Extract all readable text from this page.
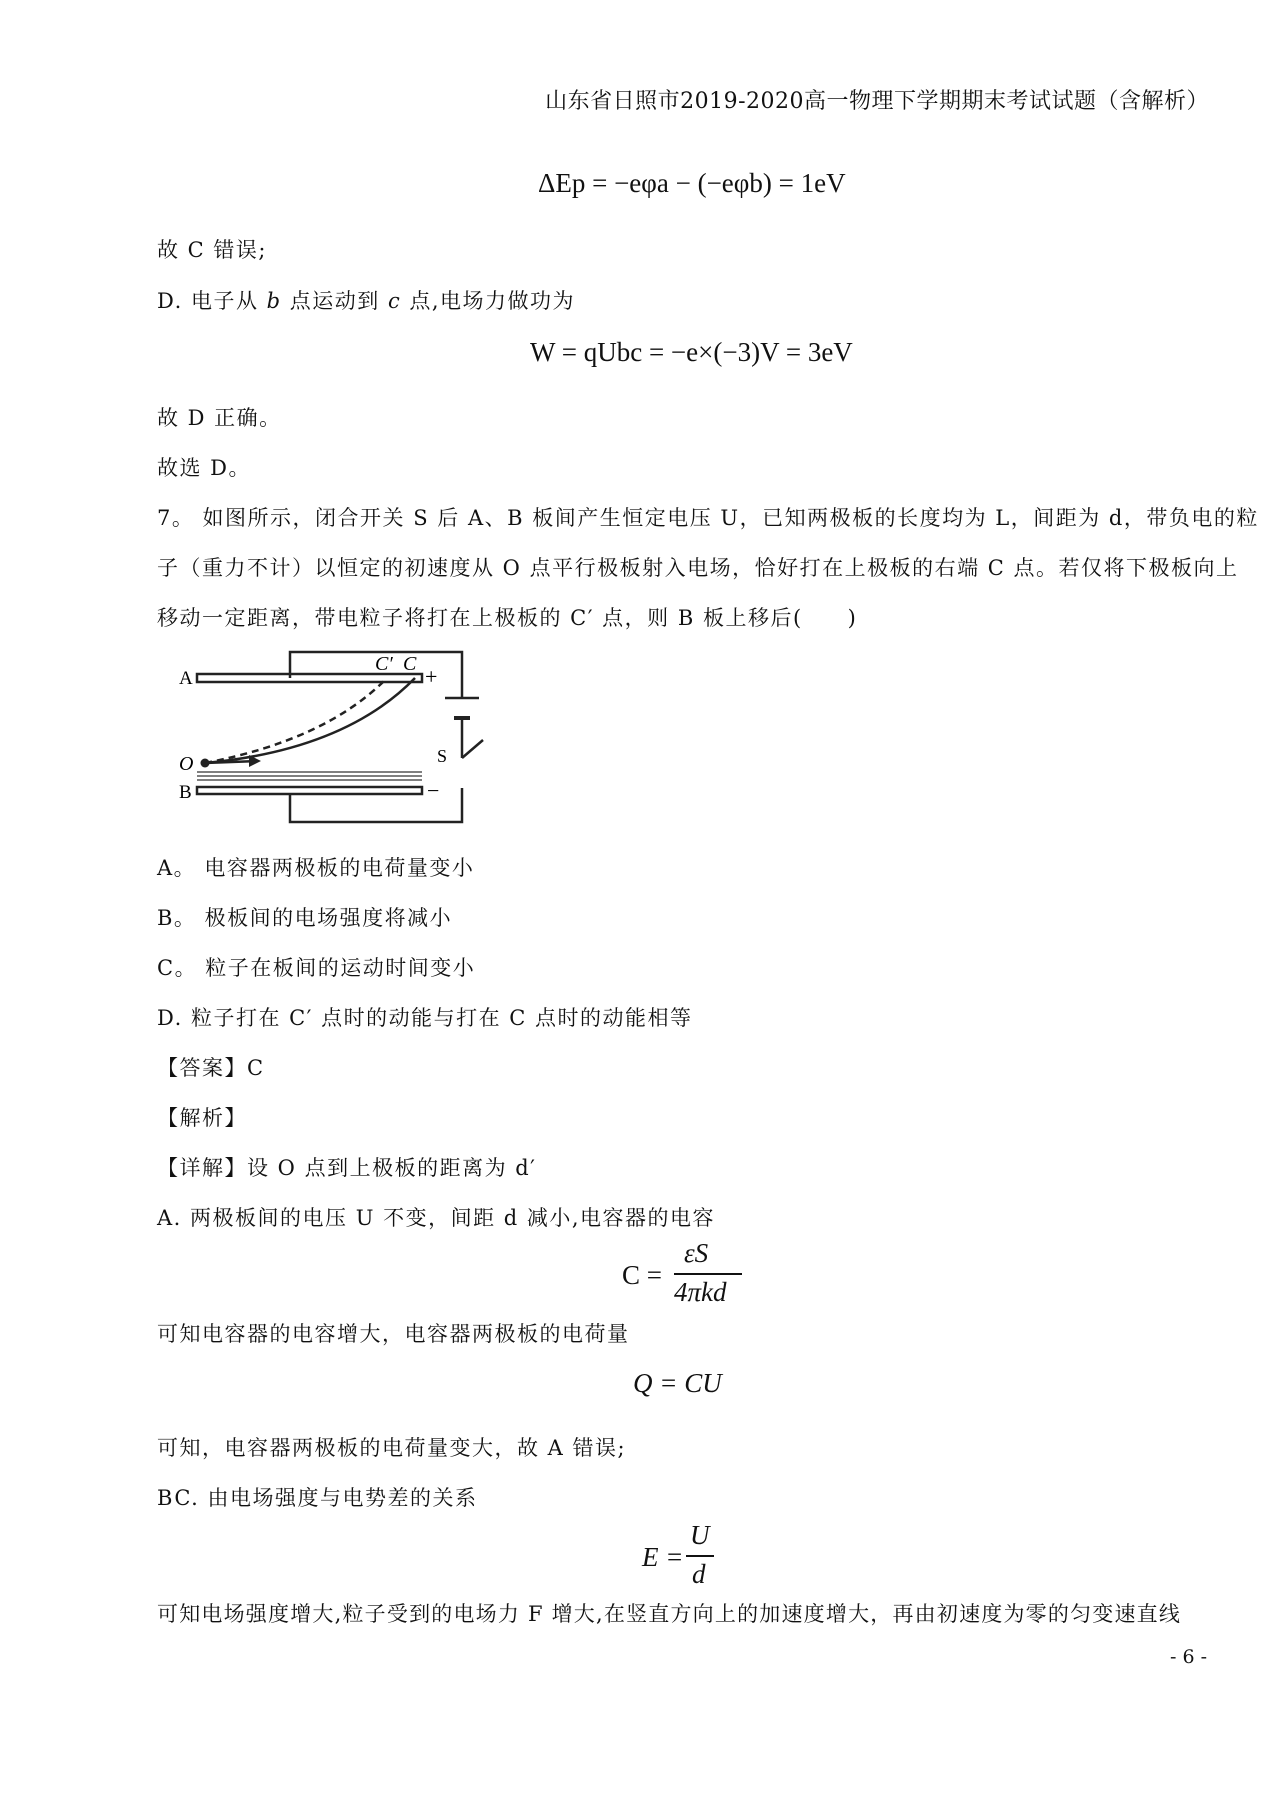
山东省日照市2019-2020高一物理下学期期末考试试题（含解析）
ΔEp = −eφa − (−eφb) = 1eV
故 C 错误;
D. 电子从 b 点运动到 c 点,电场力做功为
W = qUbc = −e×(−3)V = 3eV
故 D 正确。
故选 D。
7。 如图所示，闭合开关 S 后 A、B 板间产生恒定电压 U，已知两极板的长度均为 L，间距为 d，带负电的粒
子（重力不计）以恒定的初速度从 O 点平行极板射入电场，恰好打在上极板的右端 C 点。若仅将下极板向上
移动一定距离，带电粒子将打在上极板的 C′ 点，则 B 板上移后(　　)
A
B
O
C′ C +
−
S
A。 电容器两极板的电荷量变小
B。 极板间的电场强度将减小
C。 粒子在板间的运动时间变小
D. 粒子打在 C′ 点时的动能与打在 C 点时的动能相等
【答案】C
【解析】
【详解】设 O 点到上极板的距离为 d′
A. 两极板间的电压 U 不变，间距 d 减小,电容器的电容
C =
εS
4πkd
可知电容器的电容增大，电容器两极板的电荷量
Q = CU
可知，电容器两极板的电荷量变大，故 A 错误;
BC. 由电场强度与电势差的关系
E =
U
d
可知电场强度增大,粒子受到的电场力 F 增大,在竖直方向上的加速度增大，再由初速度为零的匀变速直线
- 6 -
